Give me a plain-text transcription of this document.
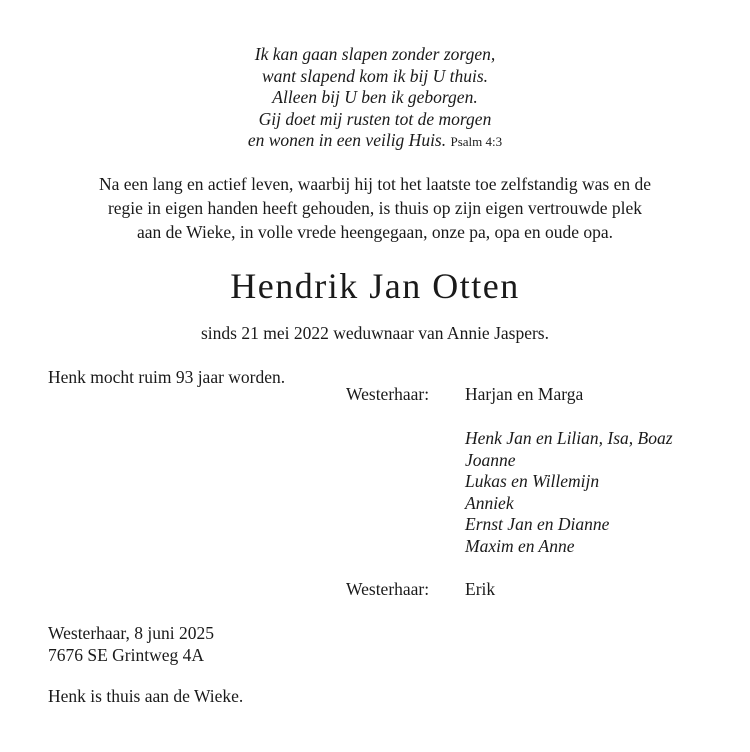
Ik kan gaan slapen zonder zorgen,
want slapend kom ik bij U thuis.
Alleen bij U ben ik geborgen.
Gij doet mij rusten tot de morgen
en wonen in een veilig Huis. Psalm 4:3
Na een lang en actief leven, waarbij hij tot het laatste toe zelfstandig was en de
regie in eigen handen heeft gehouden, is thuis op zijn eigen vertrouwde plek
aan de Wieke, in volle vrede heengegaan, onze pa, opa en oude opa.
Hendrik Jan Otten
sinds 21 mei 2022 weduwnaar van Annie Jaspers.
Henk mocht ruim 93 jaar worden.
Westerhaar: Harjan en Marga
Henk Jan en Lilian, Isa, Boaz
Joanne
Lukas en Willemijn
Anniek
Ernst Jan en Dianne
Maxim en Anne
Westerhaar: Erik
Westerhaar, 8 juni 2025
7676 SE Grintweg 4A
Henk is thuis aan de Wieke.
